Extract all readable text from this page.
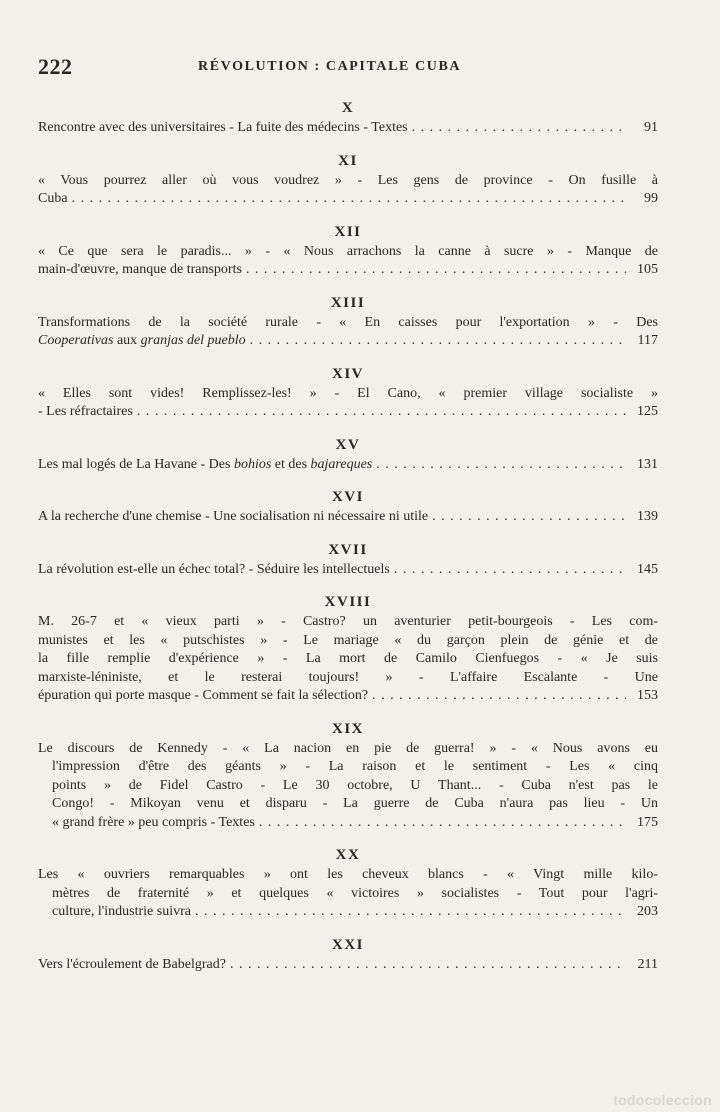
222	RÉVOLUTION : CAPITALE CUBA
X
Rencontre avec des universitaires - La fuite des médecins - Textes . . .	91
XI
« Vous pourrez aller où vous voudrez » - Les gens de province - On fusille à
Cuba . . .	99
XII
« Ce que sera le paradis... » - « Nous arrachons la canne à sucre » - Manque de
main-d'œuvre, manque de transports . . .	105
XIII
Transformations de la société rurale - « En caisses pour l'exportation » - Des
Cooperativas aux granjas del pueblo . . .	117
XIV
« Elles sont vides! Remplissez-les! » - El Cano, « premier village socialiste »
- Les réfractaires . . .	125
XV
Les mal logés de La Havane - Des bohios et des bajareques . . .	131
XVI
A la recherche d'une chemise - Une socialisation ni nécessaire ni utile . . .	139
XVII
La révolution est-elle un échec total? - Séduire les intellectuels . . .	145
XVIII
M. 26-7 et « vieux parti » - Castro? un aventurier petit-bourgeois - Les com-
munistes et les « putschistes » - Le mariage « du garçon plein de génie et de
la fille remplie d'expérience » - La mort de Camilo Cienfuegos - « Je suis
marxiste-léniniste, et le resterai toujours! » - L'affaire Escalante - Une
épuration qui porte masque - Comment se fait la sélection? . . .	153
XIX
Le discours de Kennedy - « La nacion en pie de guerra! » - « Nous avons eu
l'impression d'être des géants » - La raison et le sentiment - Les « cinq
points » de Fidel Castro - Le 30 octobre, U Thant... - Cuba n'est pas le
Congo! - Mikoyan venu et disparu - La guerre de Cuba n'aura pas lieu - Un
« grand frère » peu compris - Textes . . .	175
XX
Les « ouvriers remarquables » ont les cheveux blancs - « Vingt mille kilo-
mètres de fraternité » et quelques « victoires » socialistes - Tout pour l'agri-
culture, l'industrie suivra . . .	203
XXI
Vers l'écroulement de Babelgrad? . . .	211
todocoleccion
